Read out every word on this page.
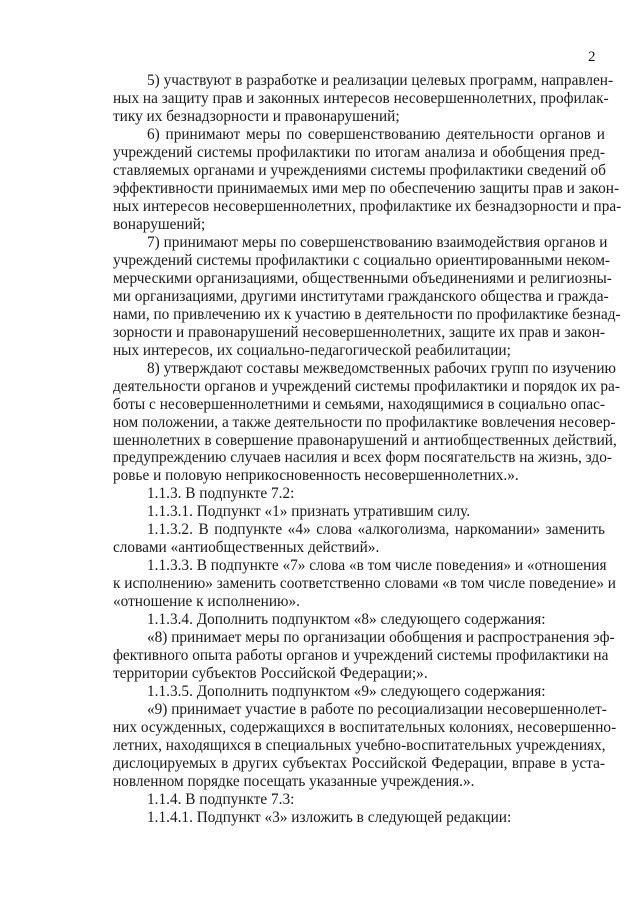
2
5) участвуют в разработке и реализации целевых программ, направлен-
ных на защиту прав и законных интересов несовершеннолетних, профилак-
тику их безнадзорности и правонарушений;
6) принимают меры по совершенствованию деятельности органов и
учреждений системы профилактики по итогам анализа и обобщения пред-
ставляемых органами и учреждениями системы профилактики сведений об
эффективности принимаемых ими мер по обеспечению защиты прав и закон-
ных интересов несовершеннолетних, профилактике их безнадзорности и пра-
вонарушений;
7) принимают меры по совершенствованию взаимодействия органов и
учреждений системы профилактики с социально ориентированными неком-
мерческими организациями, общественными объединениями и религиозны-
ми организациями, другими институтами гражданского общества и гражда-
нами, по привлечению их к участию в деятельности по профилактике безнад-
зорности и правонарушений несовершеннолетних, защите их прав и закон-
ных интересов, их социально-педагогической реабилитации;
8) утверждают составы межведомственных рабочих групп по изучению
деятельности органов и учреждений системы профилактики и порядок их ра-
боты с несовершеннолетними и семьями, находящимися в социально опас-
ном положении, а также деятельности по профилактике вовлечения несовер-
шеннолетних в совершение правонарушений и антиобщественных действий,
предупреждению случаев насилия и всех форм посягательств на жизнь, здо-
ровье и половую неприкосновенность несовершеннолетних.».
1.1.3. В подпункте 7.2:
1.1.3.1. Подпункт «1» признать утратившим силу.
1.1.3.2. В подпункте «4» слова «алкоголизма, наркомании» заменить
словами «антиобщественных действий».
1.1.3.3. В подпункте «7» слова «в том числе поведения» и «отношения
к исполнению» заменить соответственно словами «в том числе поведение» и
«отношение к исполнению».
1.1.3.4. Дополнить подпунктом «8» следующего содержания:
«8) принимает меры по организации обобщения и распространения эф-
фективного опыта работы органов и учреждений системы профилактики на
территории субъектов Российской Федерации;».
1.1.3.5. Дополнить подпунктом «9» следующего содержания:
«9) принимает участие в работе по ресоциализации несовершеннолет-
них осужденных, содержащихся в воспитательных колониях, несовершенно-
летних, находящихся в специальных учебно-воспитательных учреждениях,
дислоцируемых в других субъектах Российской Федерации, вправе в уста-
новленном порядке посещать указанные учреждения.».
1.1.4. В подпункте 7.3:
1.1.4.1. Подпункт «3» изложить в следующей редакции:
